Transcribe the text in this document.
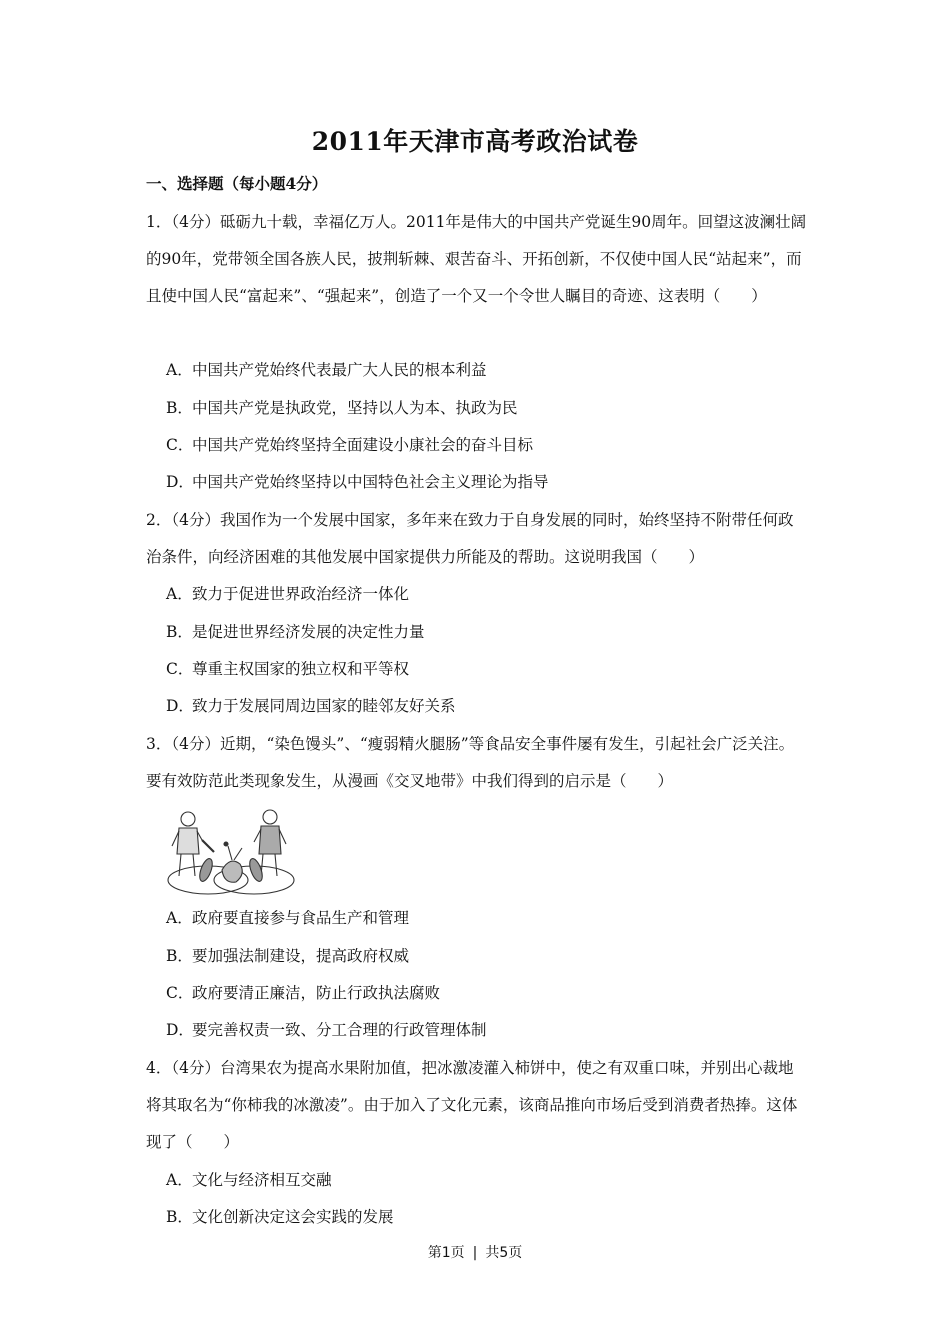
2011年天津市高考政治试卷
一、选择题（每小题4分）
1．（4分）砥砺九十载，幸福亿万人。2011年是伟大的中国共产党诞生90周年。回望这波澜壮阔的90年，党带领全国各族人民，披荆斩棘、艰苦奋斗、开拓创新，不仅使中国人民“站起来”，而且使中国人民“富起来”、“强起来”，创造了一个又一个令世人瞩目的奇迹、这表明（　　）
A．中国共产党始终代表最广大人民的根本利益
B．中国共产党是执政党，坚持以人为本、执政为民
C．中国共产党始终坚持全面建设小康社会的奋斗目标
D．中国共产党始终坚持以中国特色社会主义理论为指导
2．（4分）我国作为一个发展中国家，多年来在致力于自身发展的同时，始终坚持不附带任何政治条件，向经济困难的其他发展中国家提供力所能及的帮助。这说明我国（　　）
A．致力于促进世界政治经济一体化
B．是促进世界经济发展的决定性力量
C．尊重主权国家的独立权和平等权
D．致力于发展同周边国家的睦邻友好关系
3．（4分）近期，“染色馒头”、“瘦弱精火腿肠”等食品安全事件屡有发生，引起社会广泛关注。要有效防范此类现象发生，从漫画《交叉地带》中我们得到的启示是（　　）
A．政府要直接参与食品生产和管理
B．要加强法制建设，提高政府权威
C．政府要清正廉洁，防止行政执法腐败
D．要完善权责一致、分工合理的行政管理体制
4．（4分）台湾果农为提高水果附加值，把冰激凌灌入柿饼中，使之有双重口味，并别出心裁地将其取名为“你柿我的冰激凌”。由于加入了文化元素，该商品推向市场后受到消费者热捧。这体现了（　　）
A．文化与经济相互交融
B．文化创新决定这会实践的发展
第1页 | 共5页
